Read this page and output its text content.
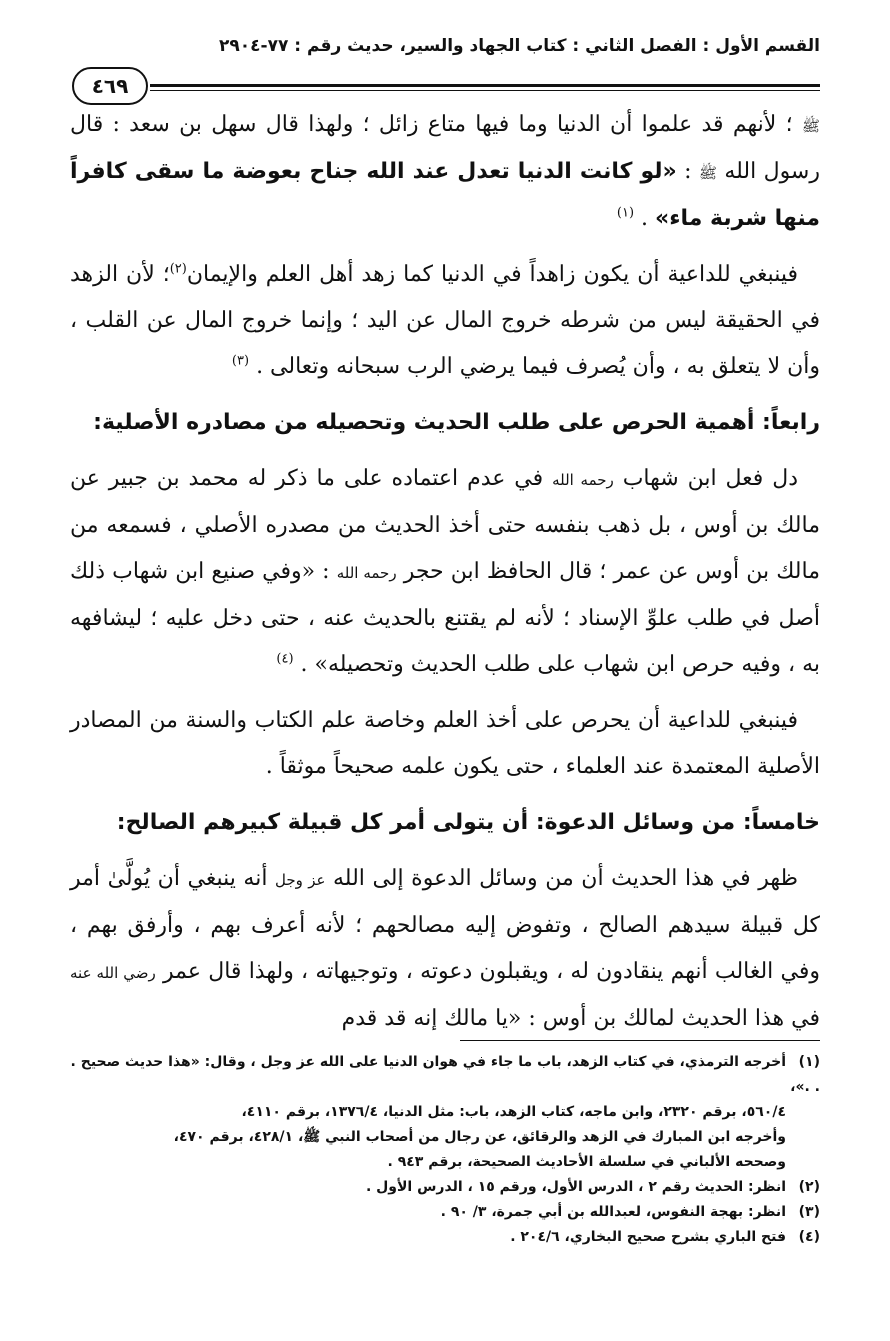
القسم الأول : الفصل الثاني : كتاب الجهاد والسير، حديث رقم : ٧٧-٢٩٠٤
٤٦٩

ﷺ ؛ لأنهم قد علموا أن الدنيا وما فيها متاع زائل ؛ ولهذا قال سهل بن سعد : قال رسول الله ﷺ : «لو كانت الدنيا تعدل عند الله جناح بعوضة ما سقى كافراً منها شربة ماء» . $^{(١)}$

فينبغي للداعية أن يكون زاهداً في الدنيا كما زهد أهل العلم والإيمان$^{(٢)}$؛ لأن الزهد في الحقيقة ليس من شرطه خروج المال عن اليد ؛ وإنما خروج المال عن القلب ، وأن لا يتعلق به ، وأن يُصرف فيما يرضي الرب سبحانه وتعالى . $^{(٣)}$

رابعاً: أهمية الحرص على طلب الحديث وتحصيله من مصادره الأصلية:

دل فعل ابن شهاب رحمه الله في عدم اعتماده على ما ذكر له محمد بن جبير عن مالك بن أوس ، بل ذهب بنفسه حتى أخذ الحديث من مصدره الأصلي ، فسمعه من مالك بن أوس عن عمر ؛ قال الحافظ ابن حجر رحمه الله : «وفي صنيع ابن شهاب ذلك أصل في طلب علوِّ الإسناد ؛ لأنه لم يقتنع بالحديث عنه ، حتى دخل عليه ؛ ليشافهه به ، وفيه حرص ابن شهاب على طلب الحديث وتحصيله» . $^{(٤)}$

فينبغي للداعية أن يحرص على أخذ العلم وخاصة علم الكتاب والسنة من المصادر الأصلية المعتمدة عند العلماء ، حتى يكون علمه صحيحاً موثقاً .

خامساً: من وسائل الدعوة: أن يتولى أمر كل قبيلة كبيرهم الصالح:

ظهر في هذا الحديث أن من وسائل الدعوة إلى الله عز وجل أنه ينبغي أن يُولَّىٰ أمر كل قبيلة سيدهم الصالح ، وتفوض إليه مصالحهم ؛ لأنه أعرف بهم ، وأرفق بهم ، وفي الغالب أنهم ينقادون له ، ويقبلون دعوته ، وتوجيهاته ، ولهذا قال عمر رضي الله عنه في هذا الحديث لمالك بن أوس : «يا مالك إنه قد قدم

(١)أخرجه الترمذي، في كتاب الزهد، باب ما جاء في هوان الدنيا على الله عز وجل ، وقال: «هذا حديث صحيح . . .»،

٥٦٠/٤، برقم ٢٣٢٠، وابن ماجه، كتاب الزهد، باب: مثل الدنيا، ١٣٧٦/٤، برقم ٤١١٠،

وأخرجه ابن المبارك في الزهد والرقائق، عن رجال من أصحاب النبي ﷺ، ٤٢٨/١، برقم ٤٧٠،

وصححه الألباني في سلسلة الأحاديث الصحيحة، برقم ٩٤٣ .

(٢)انظر: الحديث رقم ٢ ، الدرس الأول، ورقم ١٥ ، الدرس الأول .

(٣)انظر: بهجة النفوس، لعبدالله بن أبي جمرة، ٣/ ٩٠ .

(٤)فتح الباري بشرح صحيح البخاري، ٢٠٤/٦ .
